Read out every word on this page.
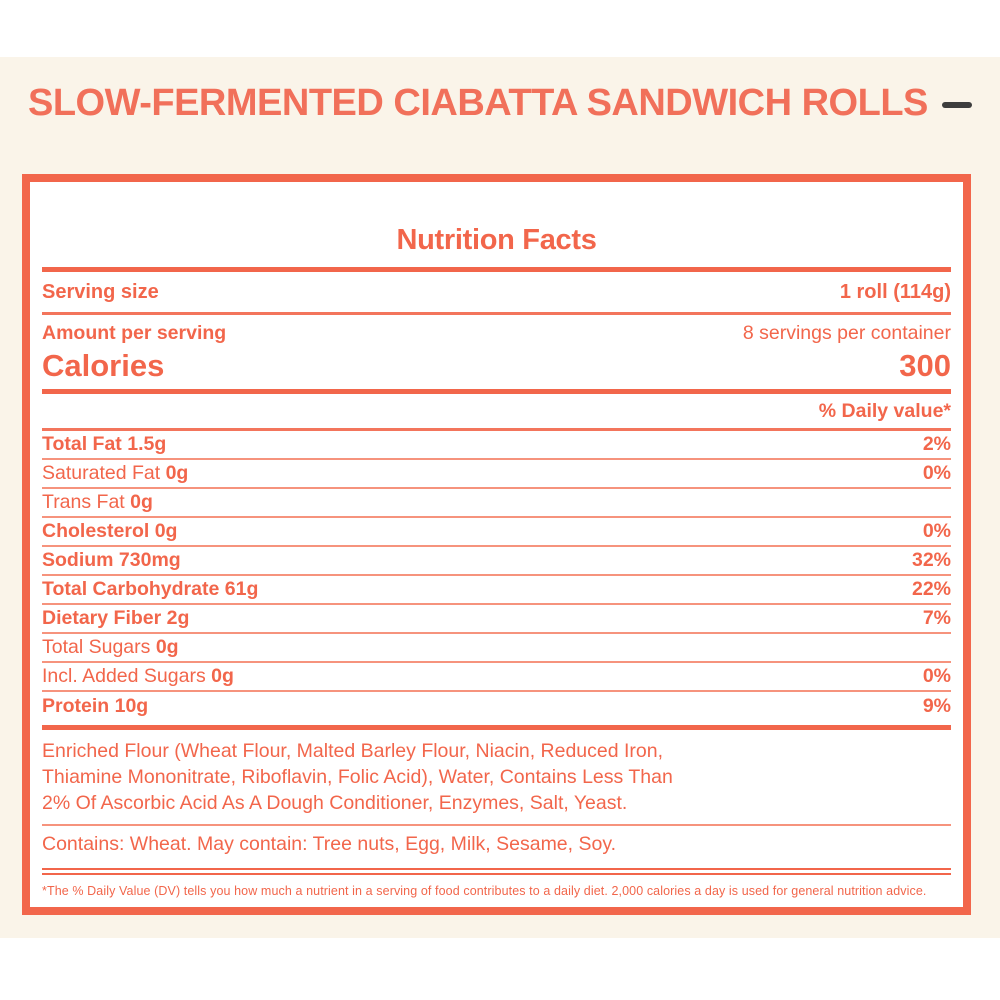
SLOW-FERMENTED CIABATTA SANDWICH ROLLS
Nutrition Facts
Serving size	1 roll (114g)
Amount per serving	8 servings per container
Calories	300
% Daily value*
Total Fat 1.5g	2%
Saturated Fat 0g	0%
Trans Fat 0g
Cholesterol 0g	0%
Sodium 730mg	32%
Total Carbohydrate 61g	22%
Dietary Fiber 2g	7%
Total Sugars 0g
Incl. Added Sugars 0g	0%
Protein 10g	9%
Enriched Flour (Wheat Flour, Malted Barley Flour, Niacin, Reduced Iron,
Thiamine Mononitrate, Riboflavin, Folic Acid), Water, Contains Less Than
2% Of Ascorbic Acid As A Dough Conditioner, Enzymes, Salt, Yeast.
Contains: Wheat. May contain: Tree nuts, Egg, Milk, Sesame, Soy.
*The % Daily Value (DV) tells you how much a nutrient in a serving of food contributes to a daily diet. 2,000 calories a day is used for general nutrition advice.
